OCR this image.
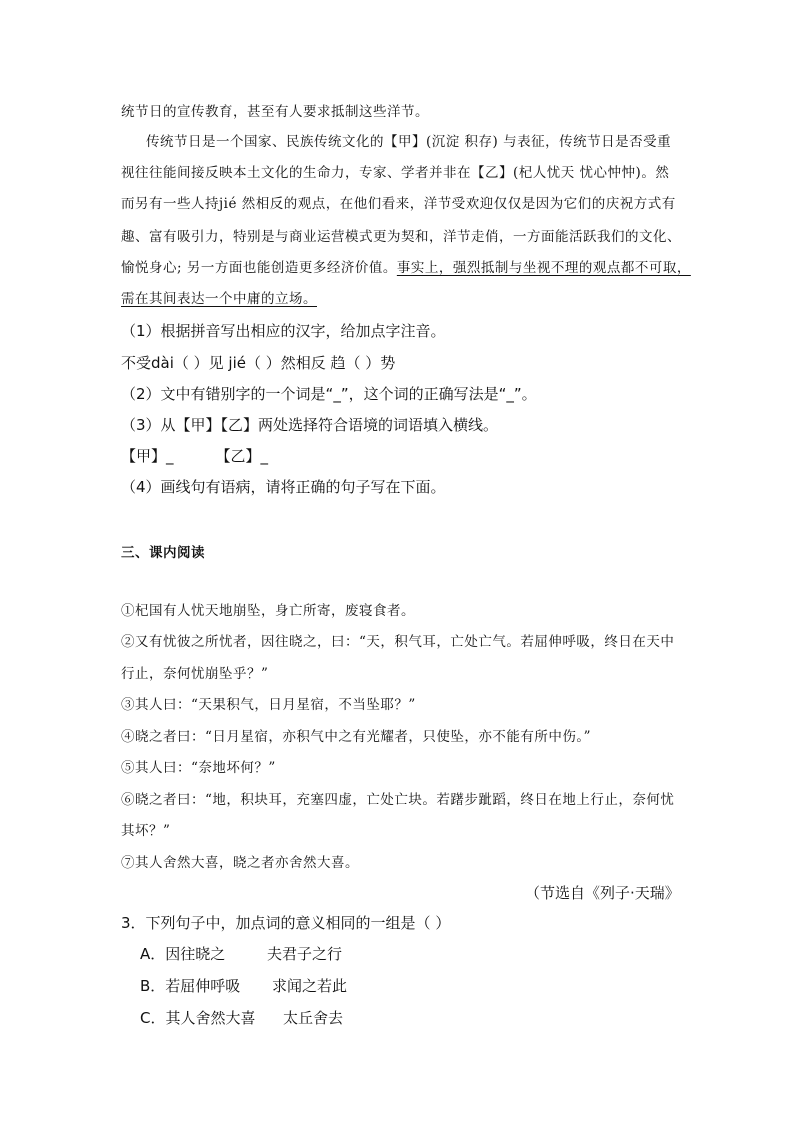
统节日的宣传教育，甚至有人要求抵制这些洋节。
传统节日是一个国家、民族传统文化的【甲】(沉淀 积存) 与表征，传统节日是否受重
视往往能间接反映本土文化的生命力，专家、学者并非在【乙】(杞人忧天 忧心忡忡)。然
而另有一些人持jié 然相反的观点，在他们看来，洋节受欢迎仅仅是因为它们的庆祝方式有
趣、富有吸引力，特别是与商业运营模式更为契和，洋节走俏，一方面能活跃我们的文化、
愉悦身心; 另一方面也能创造更多经济价值。事实上，强烈抵制与坐视不理的观点都不可取，
需在其间表达一个中庸的立场。
（1）根据拼音写出相应的汉字，给加点字注音。
不受dài（ ）见 jié（ ）然相反 趋（ ）势
（2）文中有错别字的一个词是“_”，这个词的正确写法是“_”。
（3）从【甲】【乙】两处选择符合语境的词语填入横线。
【甲】_	【乙】_
（4）画线句有语病，请将正确的句子写在下面。
三、课内阅读
①杞国有人忧天地崩坠，身亡所寄，废寝食者。
②又有忧彼之所忧者，因往晓之，曰：“天，积气耳，亡处亡气。若屈伸呼吸，终日在天中
行止，奈何忧崩坠乎？”
③其人曰：“天果积气，日月星宿，不当坠耶？”
④晓之者曰：“日月星宿，亦积气中之有光耀者，只使坠，亦不能有所中伤。”
⑤其人曰：“奈地坏何？”
⑥晓之者曰：“地，积块耳，充塞四虚，亡处亡块。若躇步跐蹈，终日在地上行止，奈何忧
其坏？”
⑦其人舍然大喜，晓之者亦舍然大喜。
（节选自《列子·天瑞》
3．下列句子中，加点词的意义相同的一组是（ ）
A．因往晓之	夫君子之行
B．若屈伸呼吸 求闻之若此
C．其人舍然大喜 太丘舍去
